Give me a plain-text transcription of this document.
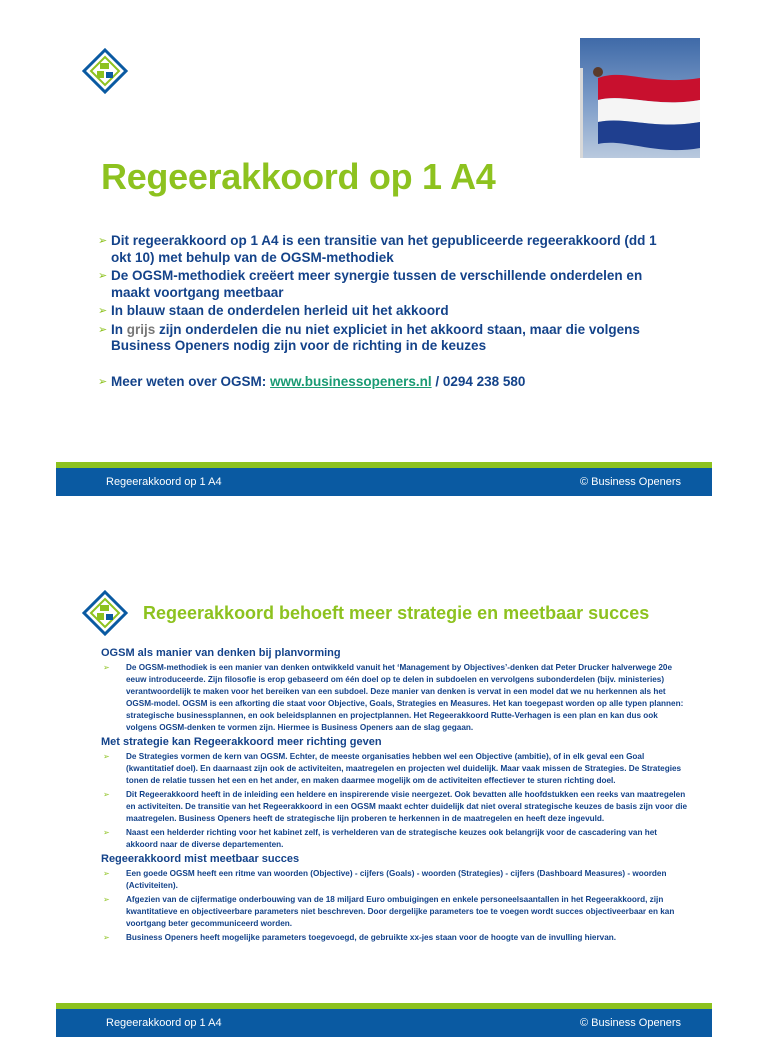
Regeerakkoord op 1 A4
➢ Dit regeerakkoord op 1 A4 is een transitie van het gepubliceerde regeerakkoord (dd 1 okt 10) met behulp van de OGSM-methodiek
➢ De OGSM-methodiek creëert meer synergie tussen de verschillende onderdelen en maakt voortgang meetbaar
➢ In blauw staan de onderdelen herleid uit het akkoord
➢ In grijs zijn onderdelen die nu niet expliciet in het akkoord staan, maar die volgens Business Openers nodig zijn voor de richting in de keuzes
➢ Meer weten over OGSM: www.businessopeners.nl / 0294 238 580
Regeerakkoord op 1 A4	© Business Openers
Regeerakkoord behoeft meer strategie en meetbaar succes
OGSM als manier van denken bij planvorming
➢ De OGSM-methodiek is een manier van denken ontwikkeld vanuit het ‘Management by Objectives’-denken dat Peter Drucker halverwege 20e eeuw introduceerde. Zijn filosofie is erop gebaseerd om één doel op te delen in subdoelen en vervolgens subonderdelen (bijv. ministeries) verantwoordelijk te maken voor het bereiken van een subdoel. Deze manier van denken is vervat in een model dat we nu herkennen als het OGSM-model. OGSM is een afkorting die staat voor Objective, Goals, Strategies en Measures. Het kan toegepast worden op alle typen plannen: strategische businessplannen, en ook beleidsplannen en projectplannen. Het Regeerakkoord Rutte-Verhagen is een plan en kan dus ook volgens OGSM-denken te vormen zijn. Hiermee is Business Openers aan de slag gegaan.
Met strategie kan Regeerakkoord meer richting geven
➢ De Strategies vormen de kern van OGSM. Echter, de meeste organisaties hebben wel een Objective (ambitie), of in elk geval een Goal (kwantitatief doel). En daarnaast zijn ook de activiteiten, maatregelen en projecten wel duidelijk. Maar vaak missen de Strategies. De Strategies tonen de relatie tussen het een en het ander, en maken daarmee mogelijk om de activiteiten effectiever te sturen richting doel.
➢ Dit Regeerakkoord heeft in de inleiding een heldere en inspirerende visie neergezet. Ook bevatten alle hoofdstukken een reeks van maatregelen en activiteiten. De transitie van het Regeerakkoord in een OGSM maakt echter duidelijk dat niet overal strategische keuzes de basis zijn voor die maatregelen. Business Openers heeft de strategische lijn proberen te herkennen in de maatregelen en heeft deze ingevuld.
➢ Naast een helderder richting voor het kabinet zelf, is verhelderen van de strategische keuzes ook belangrijk voor de cascadering van het akkoord naar de diverse departementen.
Regeerakkoord mist meetbaar succes
➢ Een goede OGSM heeft een ritme van woorden (Objective) - cijfers (Goals) - woorden (Strategies) - cijfers (Dashboard Measures) - woorden (Activiteiten).
➢ Afgezien van de cijfermatige onderbouwing van de 18 miljard Euro ombuigingen en enkele personeelsaantallen in het Regeerakkoord, zijn kwantitatieve en objectiveerbare parameters niet beschreven. Door dergelijke parameters toe te voegen wordt succes objectiveerbaar en kan voortgang beter gecommuniceerd worden.
➢ Business Openers heeft mogelijke parameters toegevoegd, de gebruikte xx-jes staan voor de hoogte van de invulling hiervan.
Regeerakkoord op 1 A4	© Business Openers
